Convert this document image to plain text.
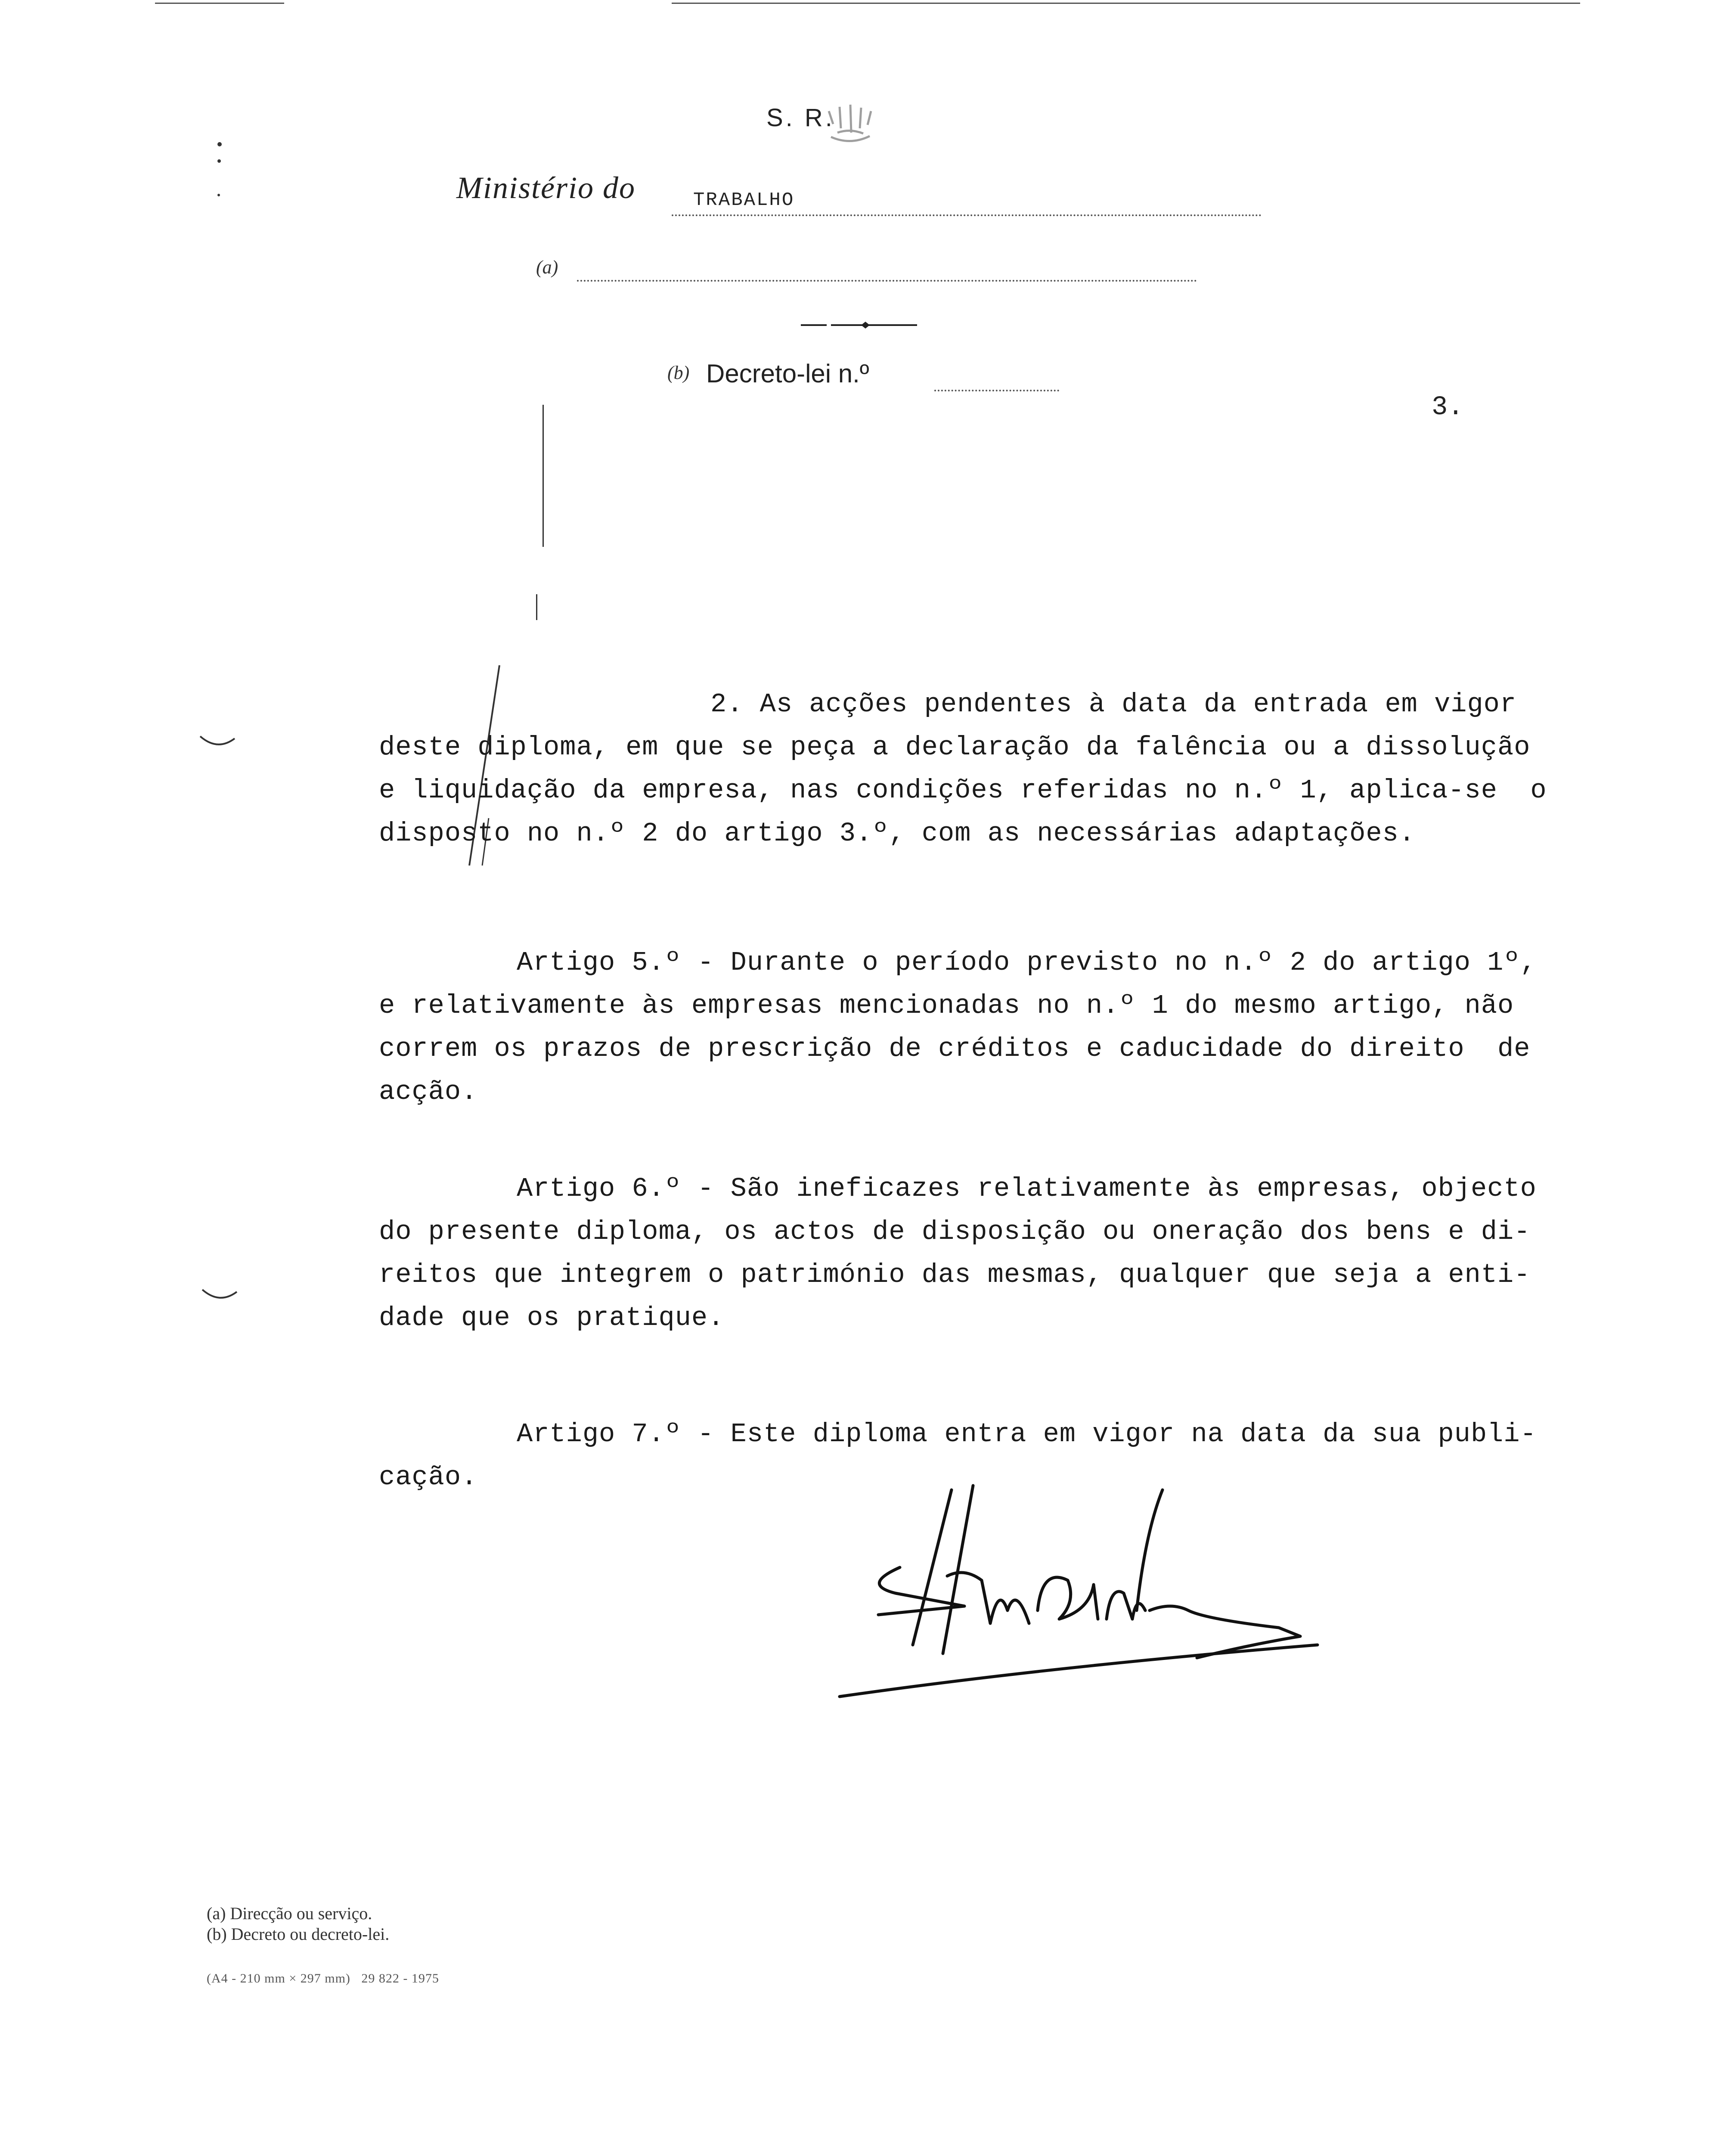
S. R.
Ministério do	TRABALHO
(a)
(b) Decreto-lei n.º
3.
2. As acções pendentes à data da entrada em vigor
deste diploma, em que se peça a declaração da falência ou a dissolução
e liquidação da empresa, nas condições referidas no n.º 1, aplica-se  o
disposto no n.º 2 do artigo 3.º, com as necessárias adaptações.
Artigo 5.º - Durante o período previsto no n.º 2 do artigo 1º,
e relativamente às empresas mencionadas no n.º 1 do mesmo artigo, não
correm os prazos de prescrição de créditos e caducidade do direito  de
acção.
Artigo 6.º - São ineficazes relativamente às empresas, objecto
do presente diploma, os actos de disposição ou oneração dos bens e di-
reitos que integrem o património das mesmas, qualquer que seja a enti-
dade que os pratique.
Artigo 7.º - Este diploma entra em vigor na data da sua publi-
cação.
(a) Direcção ou serviço.
(b) Decreto ou decreto-lei.
(A4 - 210 mm × 297 mm)   29 822 - 1975
